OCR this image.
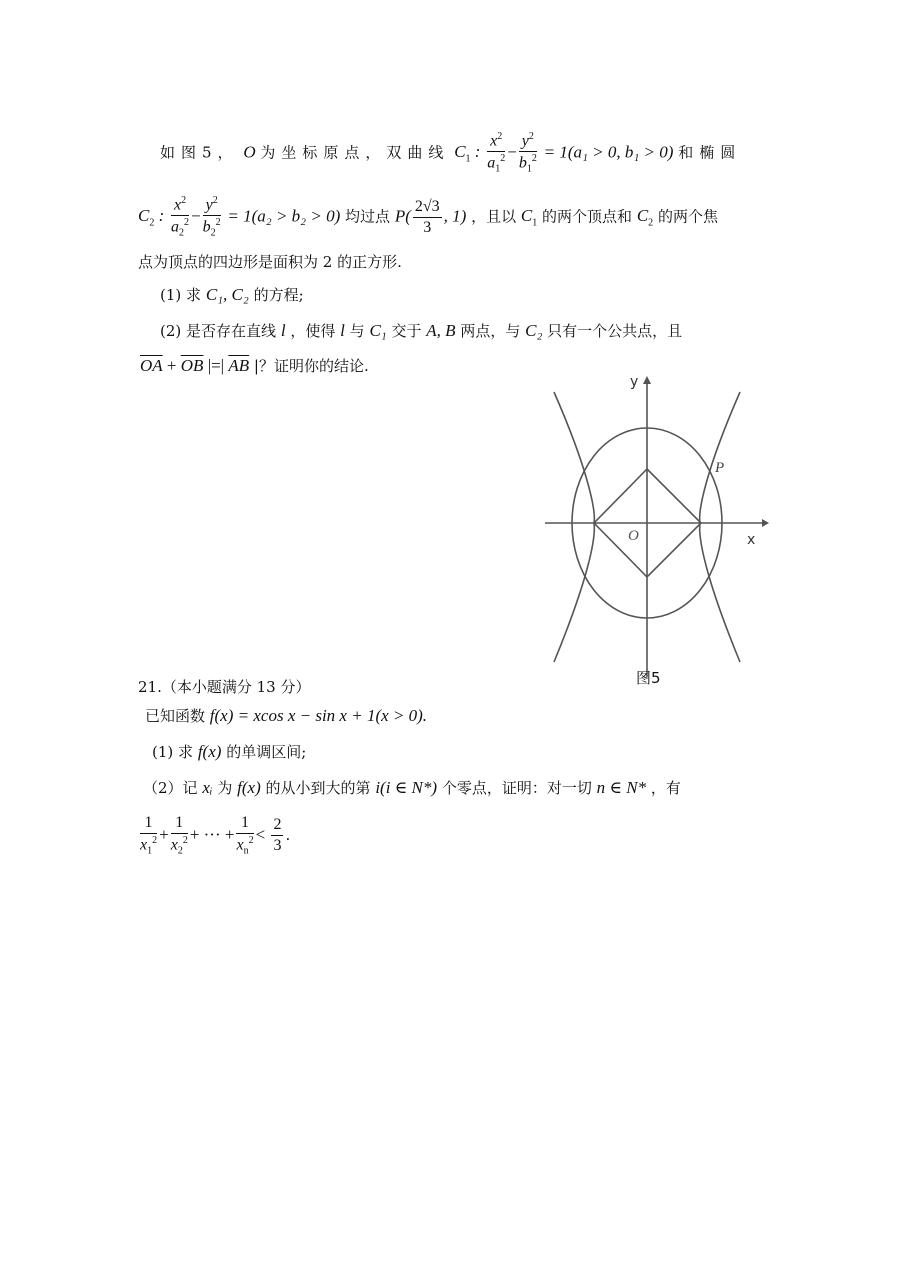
如图5， O 为坐标原点，双曲线 $C_1$ : $\frac{x^2}{a_1^2} - \frac{y^2}{b_1^2} = 1(a_1 > 0$, b₁ > 0) 和椭圆
$C_2$ : $\frac{x^2}{a_2^2} - \frac{y^2}{b_2^2} = 1(a_2 > b_2 > 0)$ 均过点 $P( \frac{2√3}{3}$ , 1) ，且以 $C_1$ 的两个顶点和 $C_2$ 的两个焦
点为顶点的四边形是面积为 2 的正方形.
(1) 求 C₁, C₂ 的方程;
(2) 是否存在直线 l ，使得 l 与 C₁ 交于 A, B 两点，与 C₂ 只有一个公共点，且
$\overline{OA} + \overline{OB}$ |=| $\overline{AB}$ |？证明你的结论.
y
x
O
P
图5
21.（本小题满分 13 分）
已知函数 f(x) = xcos x − sin x + 1(x > 0).
(1) 求 f(x) 的单调区间;
（2）记 xᵢ 为 f(x) 的从小到大的第 i(i ∈ N*) 个零点，证明：对一切 n ∈ N* ，有
$\frac{1}{x_1^2} + \frac{1}{x_2^2}$ + ··· + $\frac{1}{x_n^2} < \frac{2}{3}$ .
